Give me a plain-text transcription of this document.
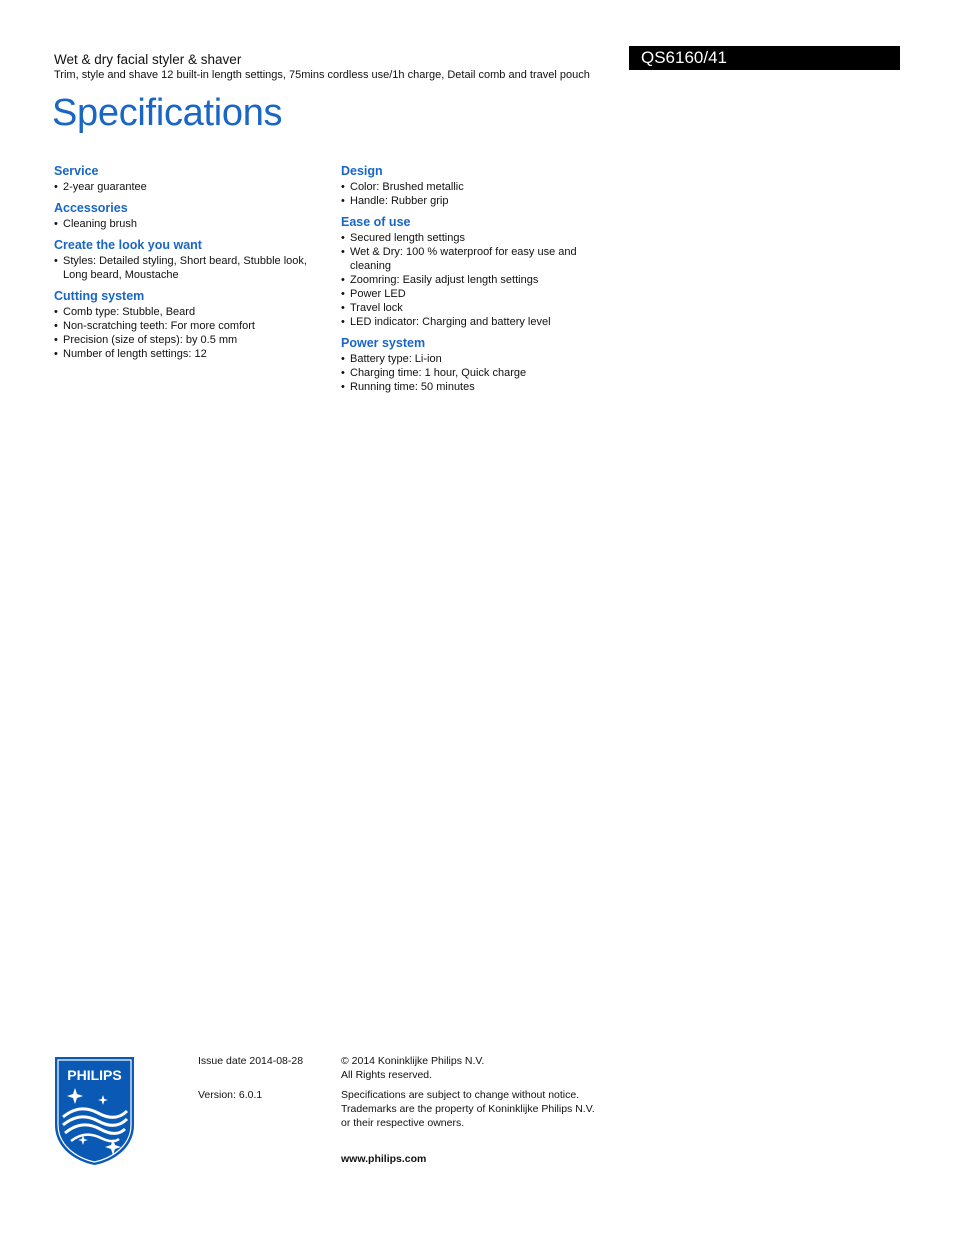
Wet & dry facial styler & shaver
Trim, style and shave 12 built-in length settings, 75mins cordless use/1h charge, Detail comb and travel pouch
QS6160/41
Specifications
Service
• 2-year guarantee
Accessories
• Cleaning brush
Create the look you want
• Styles: Detailed styling, Short beard, Stubble look, Long beard, Moustache
Cutting system
• Comb type: Stubble, Beard
• Non-scratching teeth: For more comfort
• Precision (size of steps): by 0.5 mm
• Number of length settings: 12
Design
• Color: Brushed metallic
• Handle: Rubber grip
Ease of use
• Secured length settings
• Wet & Dry: 100 % waterproof for easy use and cleaning
• Zoomring: Easily adjust length settings
• Power LED
• Travel lock
• LED indicator: Charging and battery level
Power system
• Battery type: Li-ion
• Charging time: 1 hour, Quick charge
• Running time: 50 minutes
PHILIPS
Issue date 2014-08-28
Version: 6.0.1
© 2014 Koninklijke Philips N.V.
All Rights reserved.
Specifications are subject to change without notice.
Trademarks are the property of Koninklijke Philips N.V.
or their respective owners.
www.philips.com
